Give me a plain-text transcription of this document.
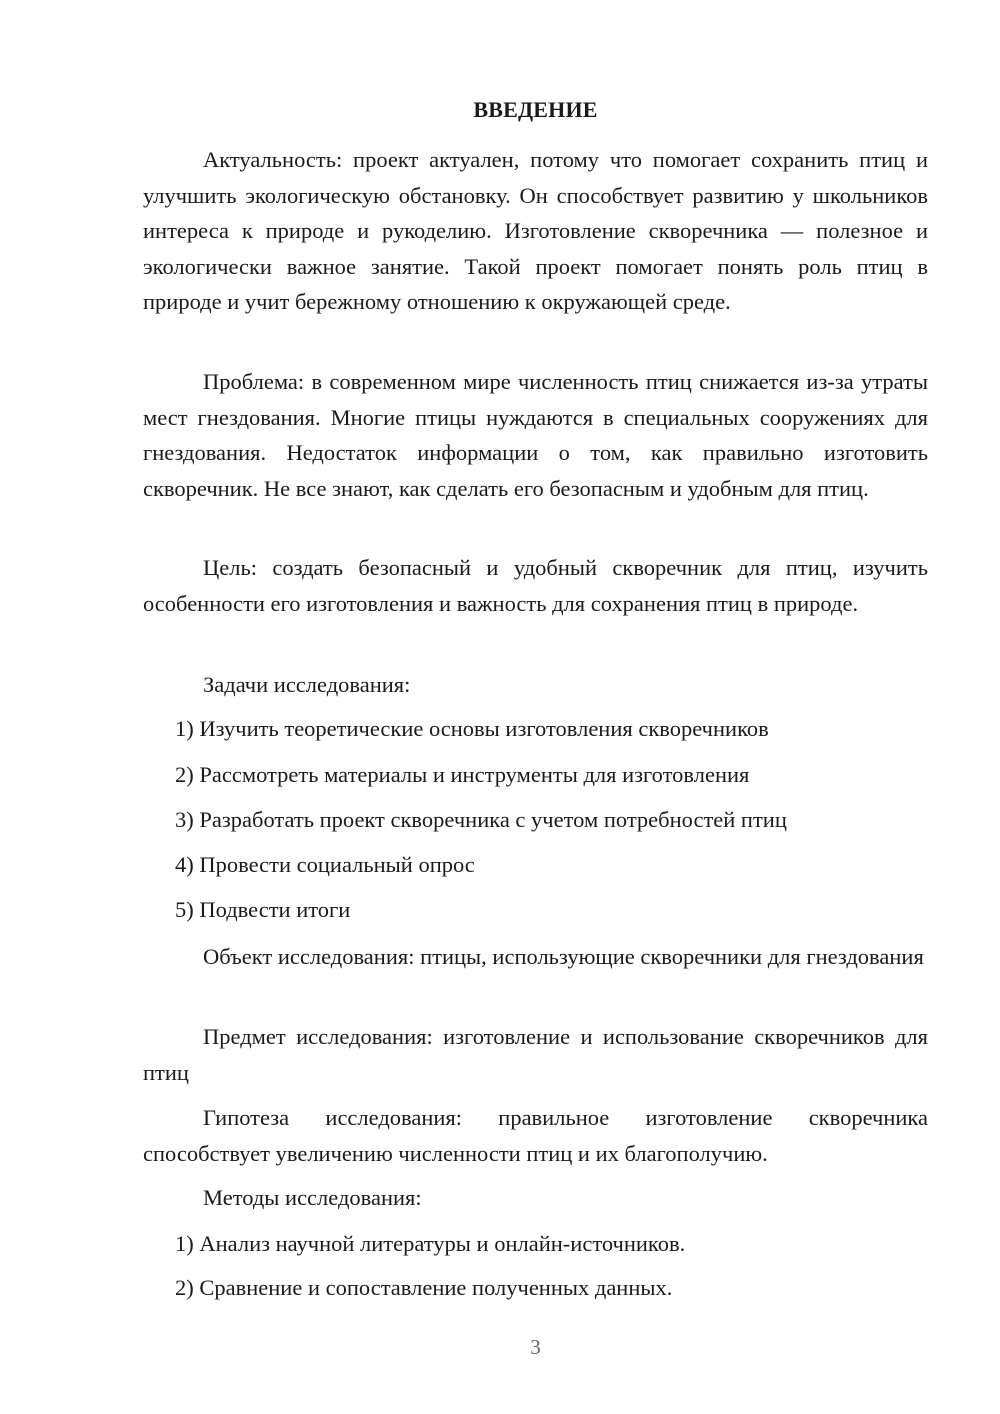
ВВЕДЕНИЕ

Актуальность: проект актуален, потому что помогает сохранить птиц и улучшить экологическую обстановку. Он способствует развитию у школьников интереса к природе и рукоделию. Изготовление скворечника — полезное и экологически важное занятие. Такой проект помогает понять роль птиц в природе и учит бережному отношению к окружающей среде.

Проблема: в современном мире численность птиц снижается из-за утраты мест гнездования. Многие птицы нуждаются в специальных сооружениях для гнездования. Недостаток информации о том, как правильно изготовить скворечник. Не все знают, как сделать его безопасным и удобным для птиц.

Цель: создать безопасный и удобный скворечник для птиц, изучить особенности его изготовления и важность для сохранения птиц в природе.

Задачи исследования:

1) Изучить теоретические основы изготовления скворечников

2) Рассмотреть материалы и инструменты для изготовления

3) Разработать проект скворечника с учетом потребностей птиц

4) Провести социальный опрос

5) Подвести итоги

Объект исследования: птицы, использующие скворечники для гнездования

Предмет исследования: изготовление и использование скворечников для птиц

Гипотеза исследования: правильное изготовление скворечника способствует увеличению численности птиц и их благополучию.

Методы исследования:

1) Анализ научной литературы и онлайн-источников.

2) Сравнение и сопоставление полученных данных.

3
